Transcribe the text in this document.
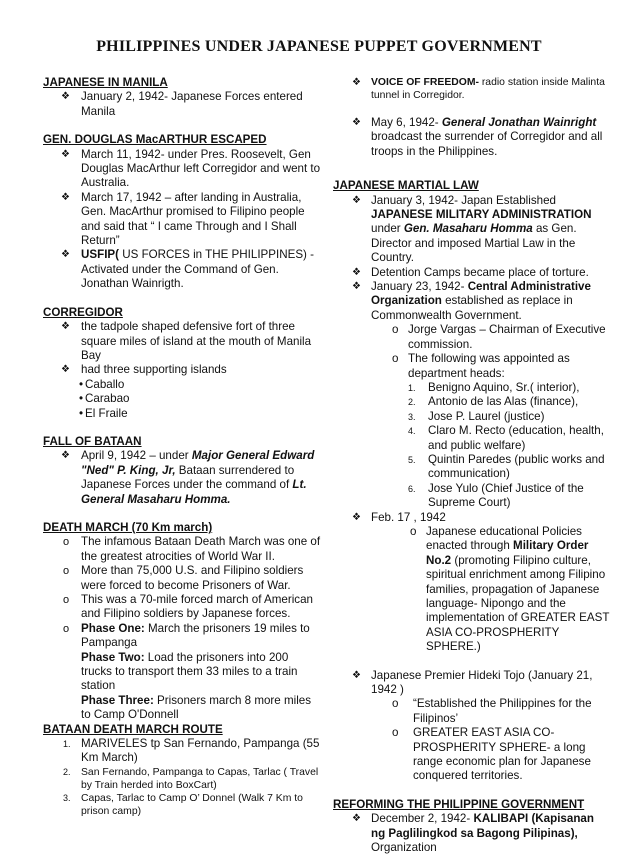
PHILIPPINES UNDER JAPANESE PUPPET GOVERNMENT
JAPANESE IN MANILA
❖ January 2, 1942- Japanese Forces entered Manila
GEN. DOUGLAS MacARTHUR ESCAPED
❖ March 11, 1942- under Pres. Roosevelt, Gen Douglas MacArthur left Corregidor and went to Australia.
❖ March 17, 1942 – after landing in Australia, Gen. MacArthur promised to Filipino people and said that “ I came Through and I Shall Return”
❖ USFIP( US FORCES in THE PHILIPPINES) -Activated under the Command of Gen. Jonathan Wainrigth.
CORREGIDOR
❖ the tadpole shaped defensive fort of three square miles of island at the mouth of Manila Bay
❖ had three supporting islands
• Caballo
• Carabao
• El Fraile
FALL OF BATAAN
❖ April 9, 1942 – under Major General Edward "Ned" P. King, Jr, Bataan surrendered to Japanese Forces under the command of Lt. General Masaharu Homma.
DEATH MARCH (70 Km march)
o The infamous Bataan Death March was one of the greatest atrocities of World War II.
o More than 75,000 U.S. and Filipino soldiers were forced to become Prisoners of War.
o This was a 70-mile forced march of American and Filipino soldiers by Japanese forces.
o Phase One: March the prisoners 19 miles to Pampanga
Phase Two: Load the prisoners into 200 trucks to transport them 33 miles to a train station
Phase Three: Prisoners march 8 more miles to Camp O'Donnell
BATAAN DEATH MARCH ROUTE
1. MARIVELES tp San Fernando, Pampanga (55 Km March)
2. San Fernando, Pampanga to Capas, Tarlac ( Travel by Train herded into BoxCart)
3. Capas, Tarlac to Camp O’ Donnel (Walk 7 Km to prison camp)
❖ VOICE OF FREEDOM- radio station inside Malinta tunnel in Corregidor.
❖ May 6, 1942- General Jonathan Wainright broadcast the surrender of Corregidor and all troops in the Philippines.
JAPANESE MARTIAL LAW
❖ January 3, 1942- Japan Established JAPANESE MILITARY ADMINISTRATION under Gen. Masaharu Homma as Gen. Director and imposed Martial Law in the Country.
❖ Detention Camps became place of torture.
❖ January 23, 1942- Central Administrative Organization established as replace in Commonwealth Government.
o Jorge Vargas – Chairman of Executive commission.
o The following was appointed as department heads:
1. Benigno Aquino, Sr.( interior),
2. Antonio de las Alas (finance),
3. Jose P. Laurel (justice)
4. Claro M. Recto (education, health, and public welfare)
5. Quintin Paredes (public works and communication)
6. Jose Yulo (Chief Justice of the Supreme Court)
❖ Feb. 17 , 1942
o Japanese educational Policies enacted through Military Order No.2 (promoting Filipino culture, spiritual enrichment among Filipino families, propagation of Japanese language- Nipongo and the implementation of GREATER EAST ASIA CO-PROSPHERITY SPHERE.)
❖ Japanese Premier Hideki Tojo (January 21, 1942 )
o “Established the Philippines for the Filipinos’
o GREATER EAST ASIA CO-PROSPHERITY SPHERE- a long range economic plan for Japanese conquered territories.
REFORMING THE PHILIPPINE GOVERNMENT
❖ December 2, 1942- KALIBAPI (Kapisanan ng Paglilingkod sa Bagong Pilipinas), Organization
